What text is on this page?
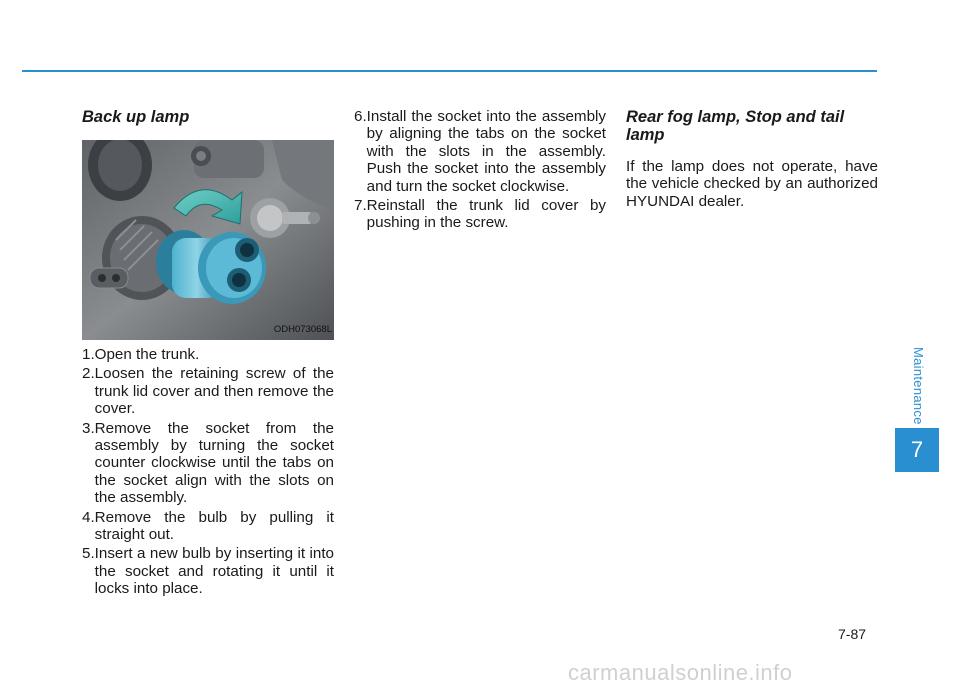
Back up lamp
ODH073068L
1. Open the trunk.
2. Loosen the retaining screw of the trunk lid cover and then remove the cover.
3. Remove the socket from the assembly by turning the socket counter clockwise until the tabs on the socket align with the slots on the assembly.
4. Remove the bulb by pulling it straight out.
5. Insert a new bulb by inserting it into the socket and rotating it until it locks into place.
6. Install the socket into the assembly by aligning the tabs on the socket with the slots in the assembly. Push the socket into the assembly and turn the socket clockwise.
7. Reinstall the trunk lid cover by pushing in the screw.
Rear fog lamp, Stop and tail lamp

If the lamp does not operate, have the vehicle checked by an authorized HYUNDAI dealer.

Maintenance
7
7-87
carmanualsonline.info
